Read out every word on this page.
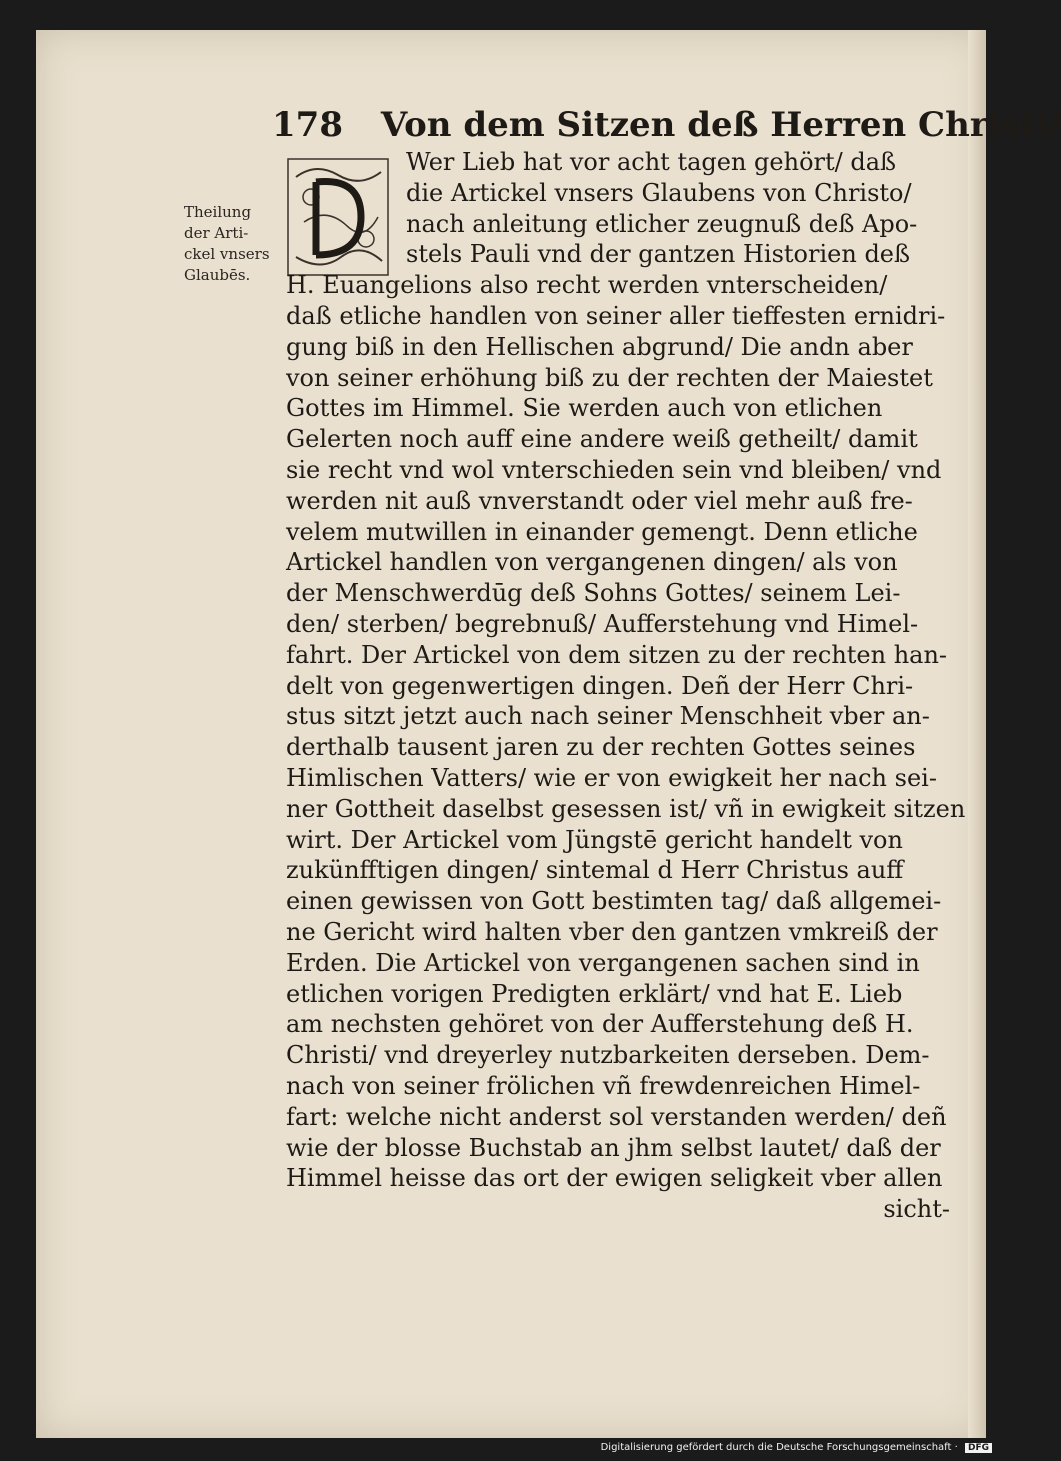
178 Von dem Sitzen deß Herren Christi/
Theilung
der Arti-
ckel vnsers
Glaubēs.
Wer Lieb hat vor acht tagen gehört/ daß
die Artickel vnsers Glaubens von Christo/
nach anleitung etlicher zeugnuß deß Apo-
stels Pauli vnd der gantzen Historien deß
H. Euangelions also recht werden vnterscheiden/
daß etliche handlen von seiner aller tieffesten ernidri-
gung biß in den Hellischen abgrund/ Die andn aber
von seiner erhöhung biß zu der rechten der Maiestet
Gottes im Himmel. Sie werden auch von etlichen
Gelerten noch auff eine andere weiß getheilt/ damit
sie recht vnd wol vnterschieden sein vnd bleiben/ vnd
werden nit auß vnverstandt oder viel mehr auß fre-
velem mutwillen in einander gemengt. Denn etliche
Artickel handlen von vergangenen dingen/ als von
der Menschwerdūg deß Sohns Gottes/ seinem Lei-
den/ sterben/ begrebnuß/ Aufferstehung vnd Himel-
fahrt. Der Artickel von dem sitzen zu der rechten han-
delt von gegenwertigen dingen. Deñ der Herr Chri-
stus sitzt jetzt auch nach seiner Menschheit vber an-
derthalb tausent jaren zu der rechten Gottes seines
Himlischen Vatters/ wie er von ewigkeit her nach sei-
ner Gottheit daselbst gesessen ist/ vñ in ewigkeit sitzen
wirt. Der Artickel vom Jüngstē gericht handelt von
zukünfftigen dingen/ sintemal d Herr Christus auff
einen gewissen von Gott bestimten tag/ daß allgemei-
ne Gericht wird halten vber den gantzen vmkreiß der
Erden. Die Artickel von vergangenen sachen sind in
etlichen vorigen Predigten erklärt/ vnd hat E. Lieb
am nechsten gehöret von der Aufferstehung deß H.
Christi/ vnd dreyerley nutzbarkeiten derseben. Dem-
nach von seiner frölichen vñ frewdenreichen Himel-
fart: welche nicht anderst sol verstanden werden/ deñ
wie der blosse Buchstab an jhm selbst lautet/ daß der
Himmel heisse das ort der ewigen seligkeit vber allen
sicht-
Digitalisierung gefördert durch die Deutsche Forschungsgemeinschaft · DFG
